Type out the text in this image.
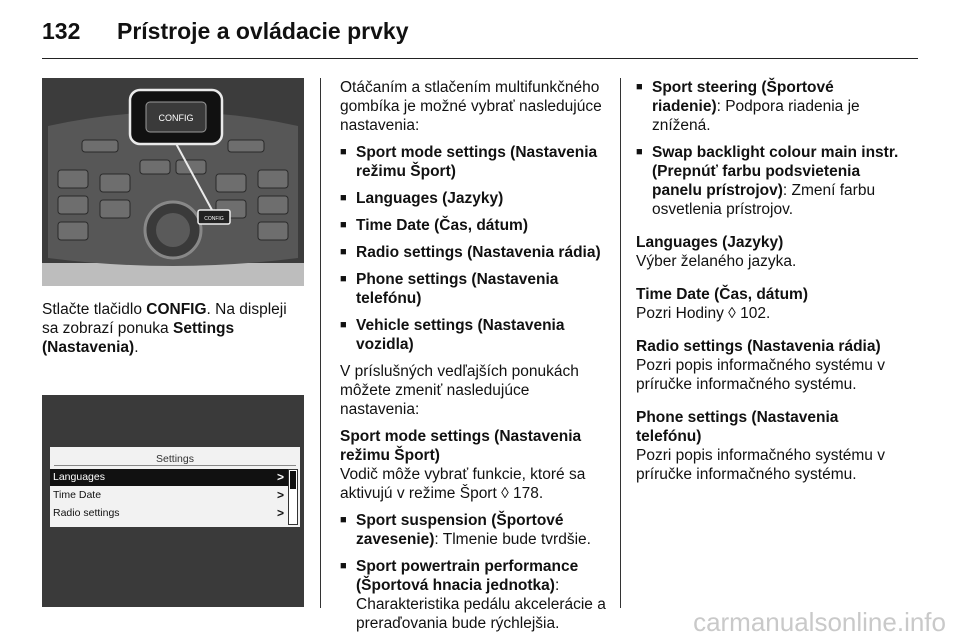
132 Prístroje a ovládacie prvky
CONFIG
CONFIG

Stlačte tlačidlo CONFIG. Na displeji sa zobrazí ponuka Settings (Nastavenia).

Settings
Languages	>
Time Date	>
Radio settings	>

Otáčaním a stlačením multifunkčného gombíka je možné vybrať nasledujúce nastavenia:

■ Sport mode settings (Nastavenia režimu Šport)
■ Languages (Jazyky)
■ Time Date (Čas, dátum)
■ Radio settings (Nastavenia rádia)
■ Phone settings (Nastavenia telefónu)
■ Vehicle settings (Nastavenia vozidla)

V príslušných vedľajších ponukách môžete zmeniť nasledujúce nastavenia:

Sport mode settings (Nastavenia režimu Šport)

Vodič môže vybrať funkcie, ktoré sa aktivujú v režime Šport ◊ 178.

■ Sport suspension (Športové zavesenie): Tlmenie bude tvrdšie.
■ Sport powertrain performance (Športová hnacia jednotka): Charakteristika pedálu akcelerácie a preraďovania bude rýchlejšia.
■ Sport steering (Športové riadenie): Podpora riadenia je znížená.
■ Swap backlight colour main instr. (Prepnúť farbu podsvietenia panelu prístrojov): Zmení farbu osvetlenia prístrojov.

Languages (Jazyky)

Výber želaného jazyka.

Time Date (Čas, dátum)

Pozri Hodiny ◊ 102.

Radio settings (Nastavenia rádia)

Pozri popis informačného systému v príručke informačného systému.

Phone settings (Nastavenia telefónu)

Pozri popis informačného systému v príručke informačného systému.

carmanualsonline.info
